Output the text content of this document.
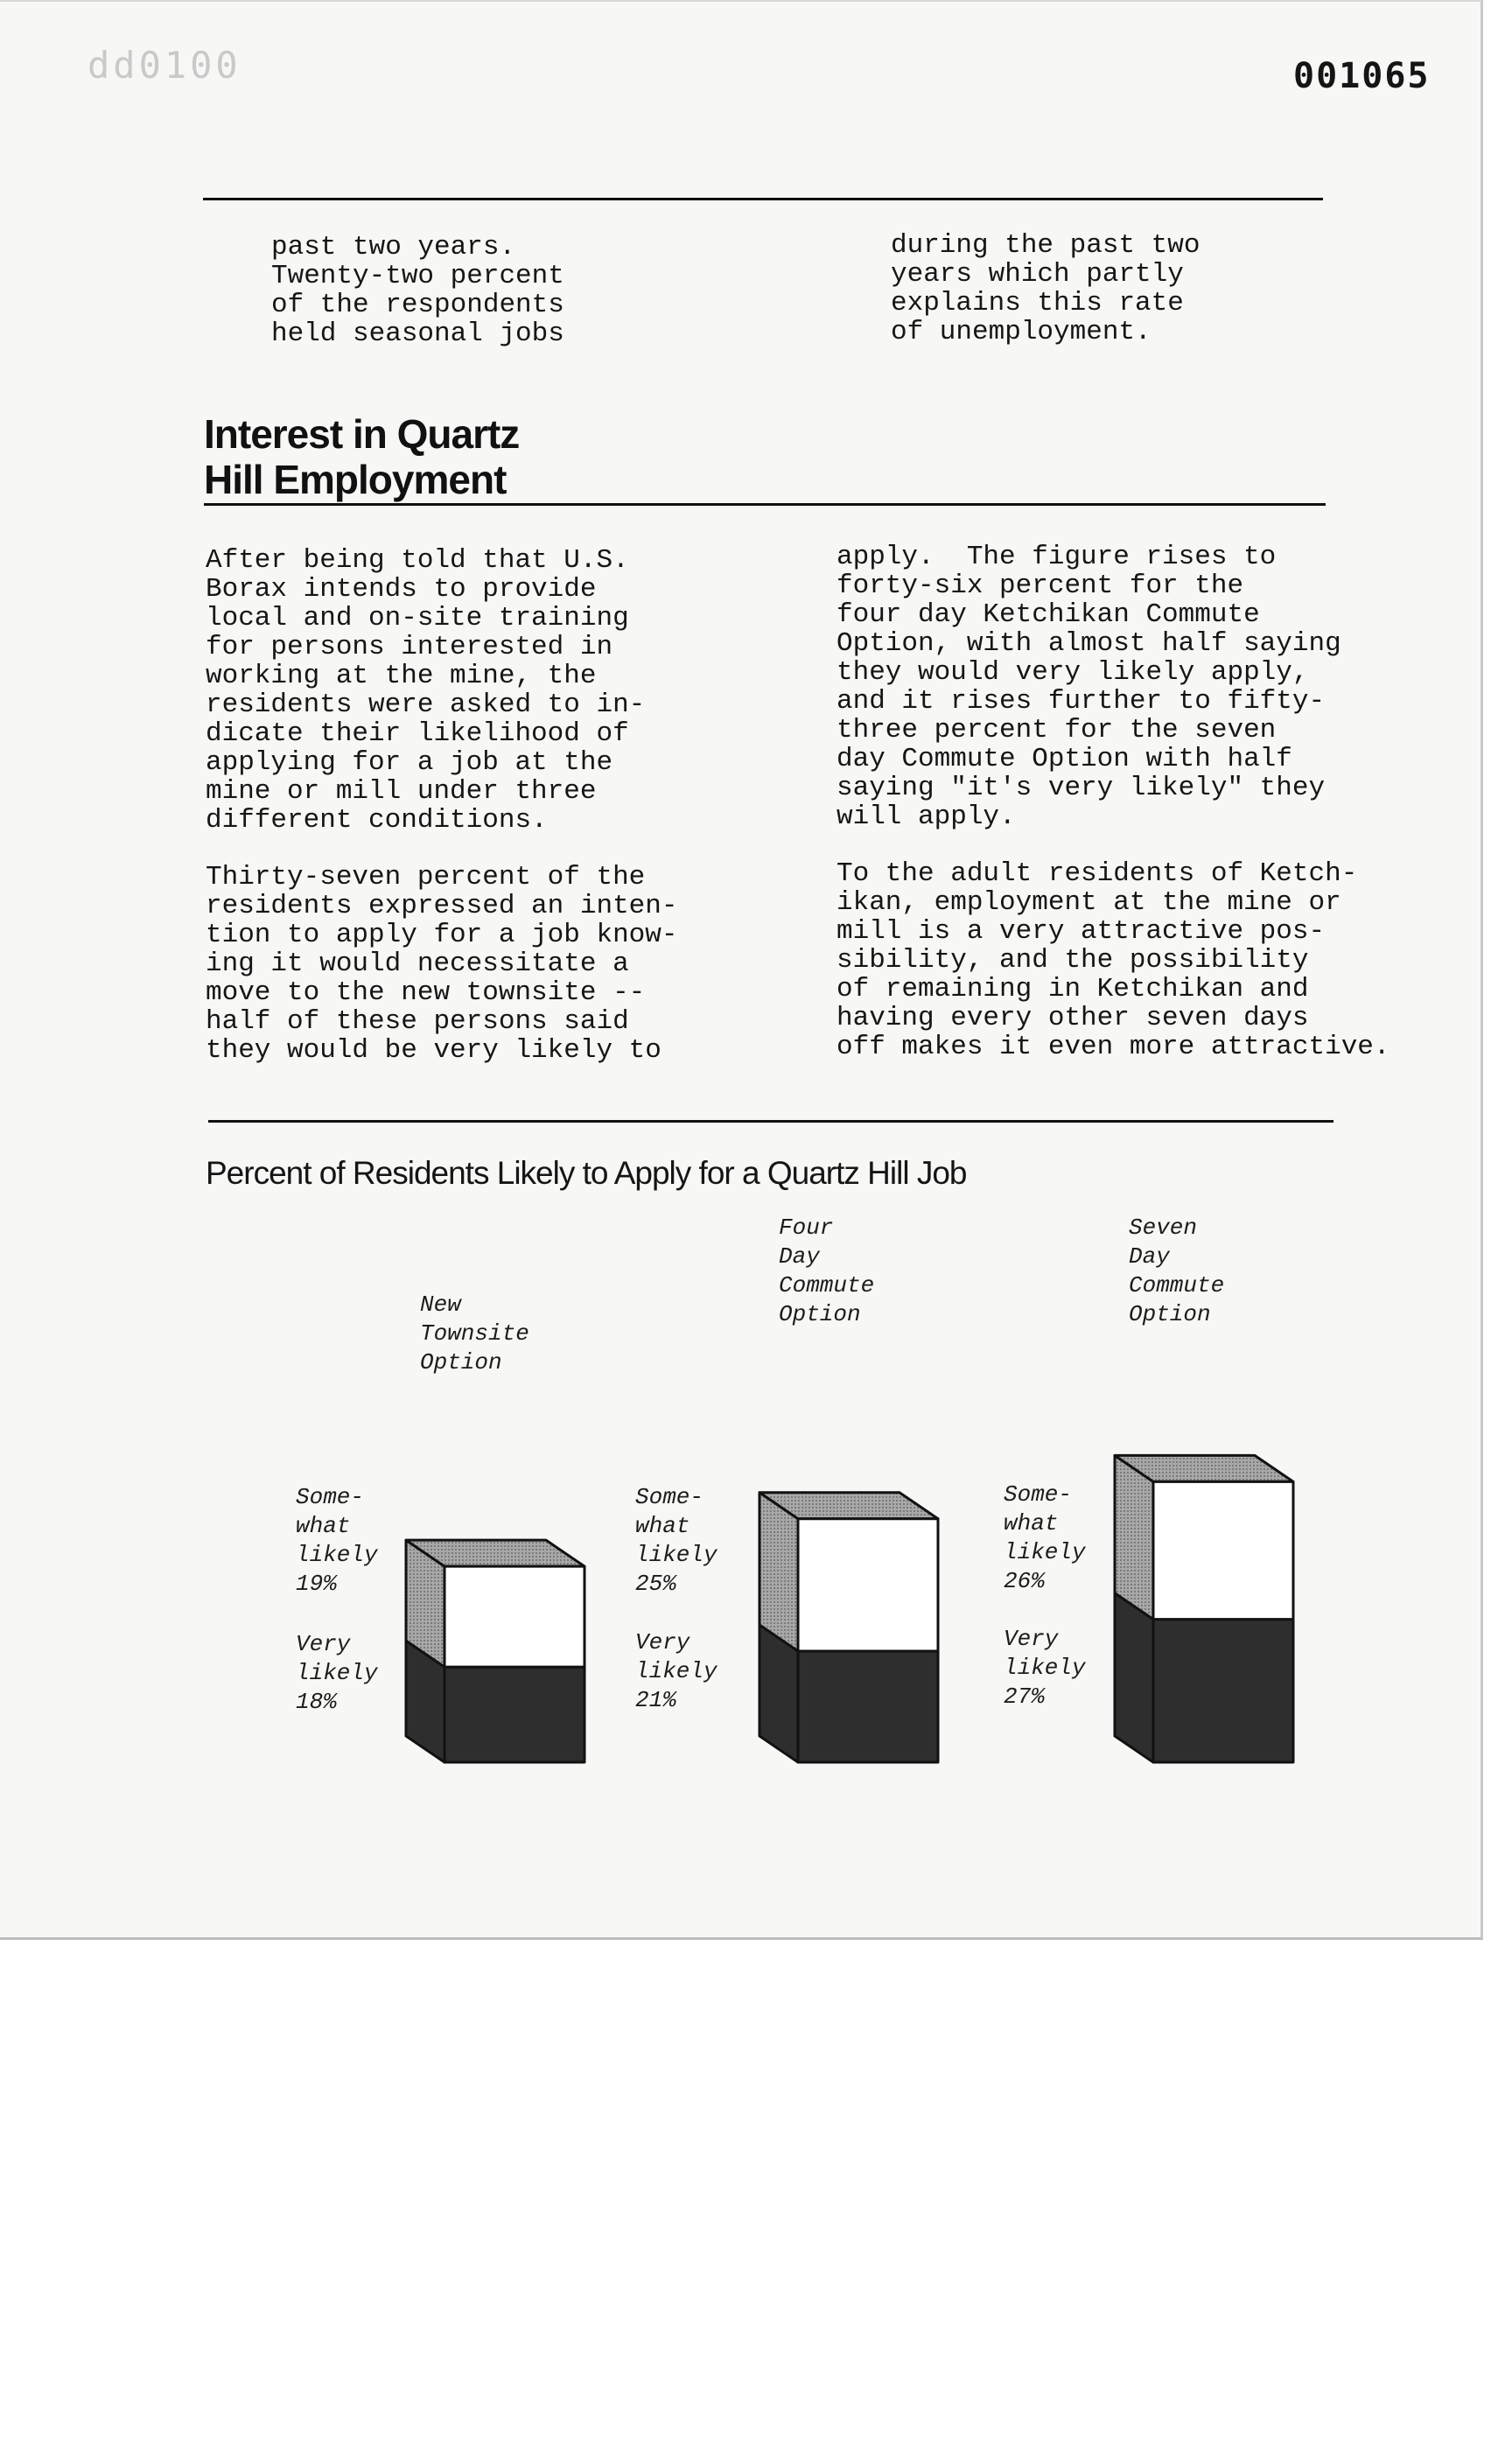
dd0100	001065
past two years.
Twenty-two percent
of the respondents
held seasonal jobs
during the past two
years which partly
explains this rate
of unemployment.
Interest in Quartz
Hill Employment
After being told that U.S.
Borax intends to provide
local and on-site training
for persons interested in
working at the mine, the
residents were asked to in-
dicate their likelihood of
applying for a job at the
mine or mill under three
different conditions.
Thirty-seven percent of the
residents expressed an inten-
tion to apply for a job know-
ing it would necessitate a
move to the new townsite --
half of these persons said
they would be very likely to
apply.  The figure rises to
forty-six percent for the
four day Ketchikan Commute
Option, with almost half saying
they would very likely apply,
and it rises further to fifty-
three percent for the seven
day Commute Option with half
saying "it's very likely" they
will apply.
To the adult residents of Ketch-
ikan, employment at the mine or
mill is a very attractive pos-
sibility, and the possibility
of remaining in Ketchikan and
having every other seven days
off makes it even more attractive.
Percent of Residents Likely to Apply for a Quartz Hill Job
New
Townsite
Option
Four
Day
Commute
Option
Seven
Day
Commute
Option
Some-
what
likely
19%
Very
likely
18%
Some-
what
likely
25%
Very
likely
21%
Some-
what
likely
26%
Very
likely
27%
